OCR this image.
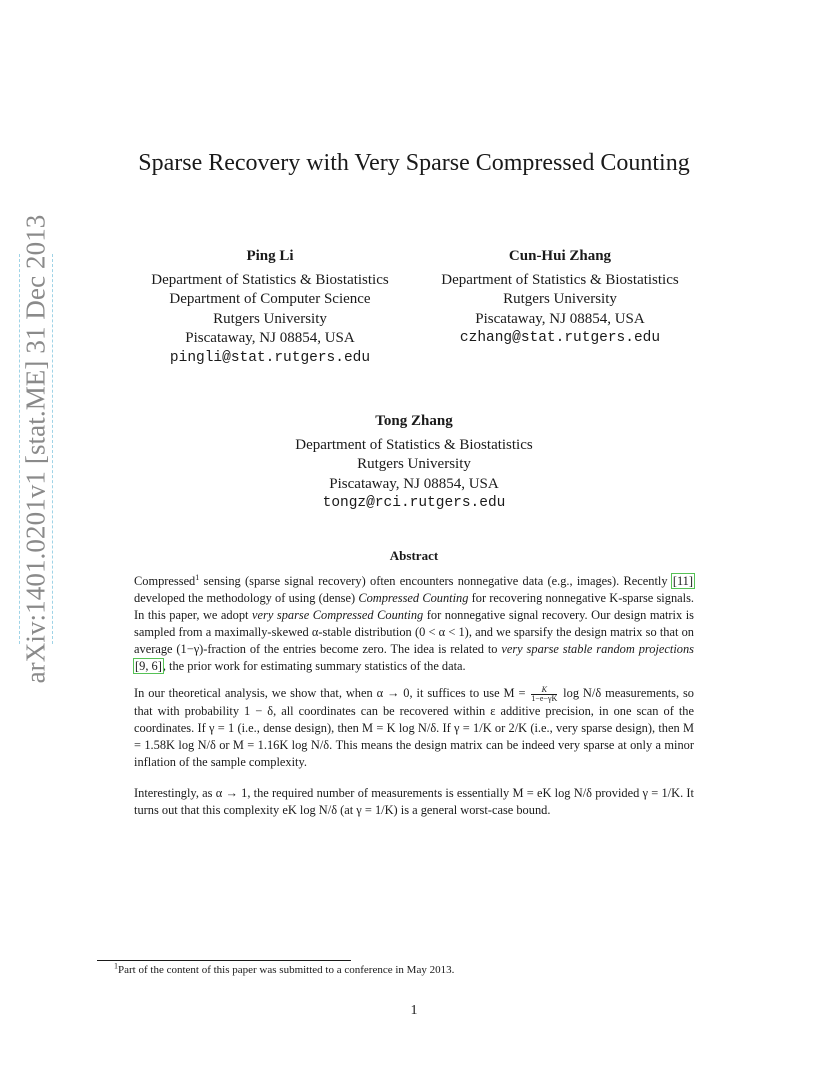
arXiv:1401.0201v1 [stat.ME] 31 Dec 2013
Sparse Recovery with Very Sparse Compressed Counting
Ping Li
Department of Statistics & Biostatistics
Department of Computer Science
Rutgers University
Piscataway, NJ 08854, USA
pingli@stat.rutgers.edu
Cun-Hui Zhang
Department of Statistics & Biostatistics
Rutgers University
Piscataway, NJ 08854, USA
czhang@stat.rutgers.edu
Tong Zhang
Department of Statistics & Biostatistics
Rutgers University
Piscataway, NJ 08854, USA
tongz@rci.rutgers.edu
Abstract

Compressed$^1$ sensing (sparse signal recovery) often encounters nonnegative data (e.g., images). Recently [11] developed the methodology of using (dense) Compressed Counting for recovering nonnegative K-sparse signals. In this paper, we adopt very sparse Compressed Counting for nonnegative signal recovery. Our design matrix is sampled from a maximally-skewed α-stable distribution (0 < α < 1), and we sparsify the design matrix so that on average (1−γ)-fraction of the entries become zero. The idea is related to very sparse stable random projections [9, 6], the prior work for estimating summary statistics of the data.

In our theoretical analysis, we show that, when α → 0, it suffices to use $M = \frac{K}{1-e-\gamma K}$ log N/δ measurements, so that with probability 1 − δ, all coordinates can be recovered within ε additive precision, in one scan of the coordinates. If γ = 1 (i.e., dense design), then M = K log N/δ. If γ = 1/K or 2/K (i.e., very sparse design), then M = 1.58K log N/δ or M = 1.16K log N/δ. This means the design matrix can be indeed very sparse at only a minor inflation of the sample complexity.

Interestingly, as α → 1, the required number of measurements is essentially M = eK log N/δ provided γ = 1/K. It turns out that this complexity eK log N/δ (at γ = 1/K) is a general worst-case bound.

$^1$Part of the content of this paper was submitted to a conference in May 2013.
1
